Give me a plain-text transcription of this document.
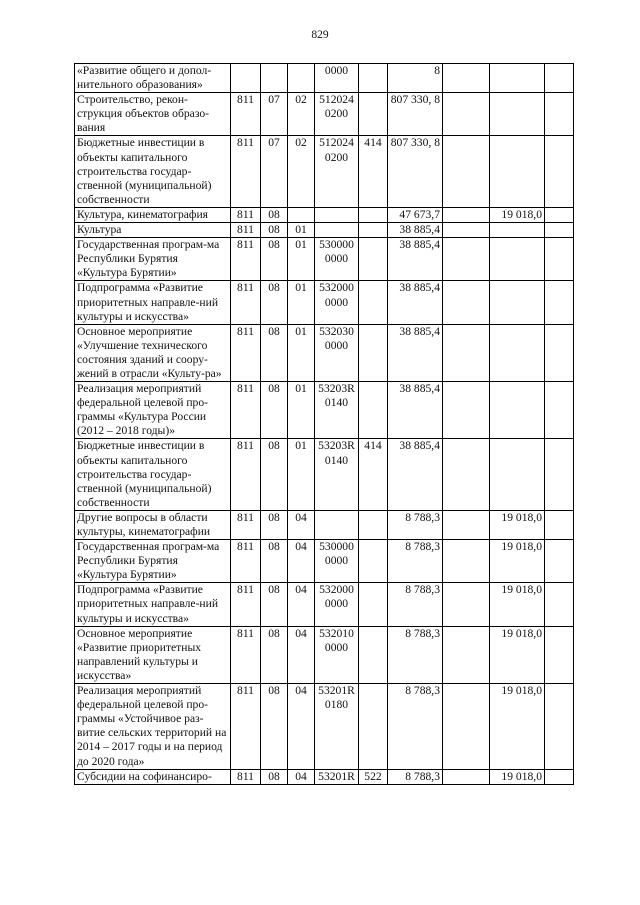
829
«Развитие общего и допол-нительного образования»				0000		8			
Строительство, рекон-струкция объектов образо-вания	811	07	02	512024 0200		807 330, 8			
Бюджетные инвестиции в объекты капитального строительства государ-ственной (муниципальной) собственности	811	07	02	512024 0200	414	807 330, 8			
Культура, кинематография	811	08				47 673,7		19 018,0	
Культура	811	08	01			38 885,4			
Государственная програм-ма Республики Бурятия «Культура Бурятии»	811	08	01	530000 0000		38 885,4			
Подпрограмма «Развитие приоритетных направле-ний культуры и искусства»	811	08	01	532000 0000		38 885,4			
Основное мероприятие «Улучшение технического состояния зданий и соору-жений в отрасли «Культу-ра»	811	08	01	532030 0000		38 885,4			
Реализация мероприятий федеральной целевой про-граммы «Культура России (2012 – 2018 годы)»	811	08	01	53203R 0140		38 885,4			
Бюджетные инвестиции в объекты капитального строительства государ-ственной (муниципальной) собственности	811	08	01	53203R 0140	414	38 885,4			
Другие вопросы в области культуры, кинематографии	811	08	04			8 788,3		19 018,0	
Государственная програм-ма Республики Бурятия «Культура Бурятии»	811	08	04	530000 0000		8 788,3		19 018,0	
Подпрограмма «Развитие приоритетных направле-ний культуры и искусства»	811	08	04	532000 0000		8 788,3		19 018,0	
Основное мероприятие «Развитие приоритетных направлений культуры и искусства»	811	08	04	532010 0000		8 788,3		19 018,0	
Реализация мероприятий федеральной целевой про-граммы «Устойчивое раз-витие сельских территорий на 2014 – 2017 годы и на период до 2020 года»	811	08	04	53201R 0180		8 788,3		19 018,0	
Субсидии на софинансиро-	811	08	04	53201R	522	8 788,3		19 018,0	
